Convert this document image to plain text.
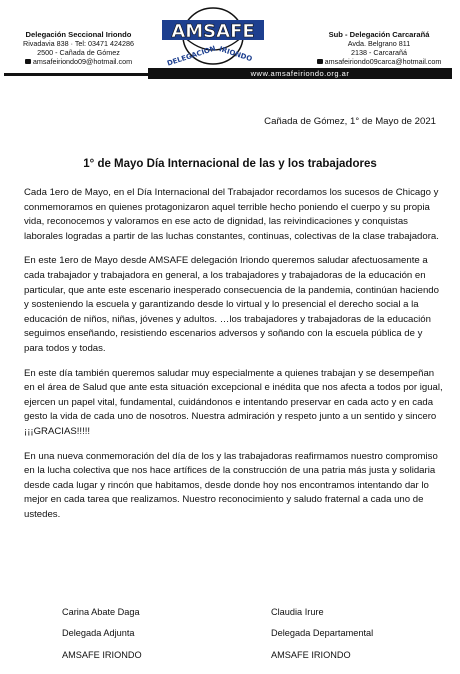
Delegación Seccional Iriondo
Rivadavia 838 · Tel: 03471 424286
2500 - Cañada de Gómez
amsafeiriondo09@hotmail.com
AMSAFE
DELEGACION IRIONDO
Sub - Delegación Carcarañá
Avda. Belgrano 811
2138 - Carcarañá
amsafeiriondo09carca@hotmail.com
www.amsafeiriondo.org.ar
Cañada de Gómez, 1° de Mayo de 2021
1° de Mayo Día Internacional de las y los trabajadores

Cada 1ero de Mayo, en el Día Internacional del Trabajador recordamos los sucesos de Chicago y conmemoramos en quienes protagonizaron aquel terrible hecho poniendo el cuerpo y su propia vida, reconocemos y valoramos en ese acto de dignidad, las reivindicaciones y conquistas laborales logradas a partir de las luchas constantes, continuas, colectivas de la clase trabajadora.

En este 1ero de Mayo desde AMSAFE delegación Iriondo queremos saludar afectuosamente a cada trabajador y trabajadora en general, a los trabajadores y trabajadoras de la educación en particular, que ante este escenario inesperado consecuencia de la pandemia, continúan haciendo y sosteniendo la escuela y garantizando desde lo virtual y lo presencial el derecho social a la educación de niños, niñas, jóvenes y adultos. …los trabajadores y trabajadoras de la educación seguimos enseñando, resistiendo escenarios adversos y soñando con la escuela pública de y para todos y todas.

En este día también queremos saludar muy especialmente a quienes trabajan y se desempeñan en el área de Salud que ante esta situación excepcional e inédita que nos afecta a todos por igual, ejercen un papel vital, fundamental, cuidándonos e intentando preservar en cada acto y en cada gesto la vida de cada uno de nosotros. Nuestra admiración y respeto junto a un sentido y sincero ¡¡¡GRACIAS!!!!!

En una nueva conmemoración del día de los y las trabajadoras reafirmamos nuestro compromiso en la lucha colectiva que nos hace artífices de la construcción de una patria más justa y solidaria desde cada lugar y rincón que habitamos, desde donde hoy nos encontramos intentando dar lo mejor en cada tarea que realizamos. Nuestro reconocimiento y saludo fraternal a cada uno de ustedes.

Carina Abate Daga
Delegada Adjunta
AMSAFE IRIONDO
Claudia Irure
Delegada Departamental
AMSAFE IRIONDO
